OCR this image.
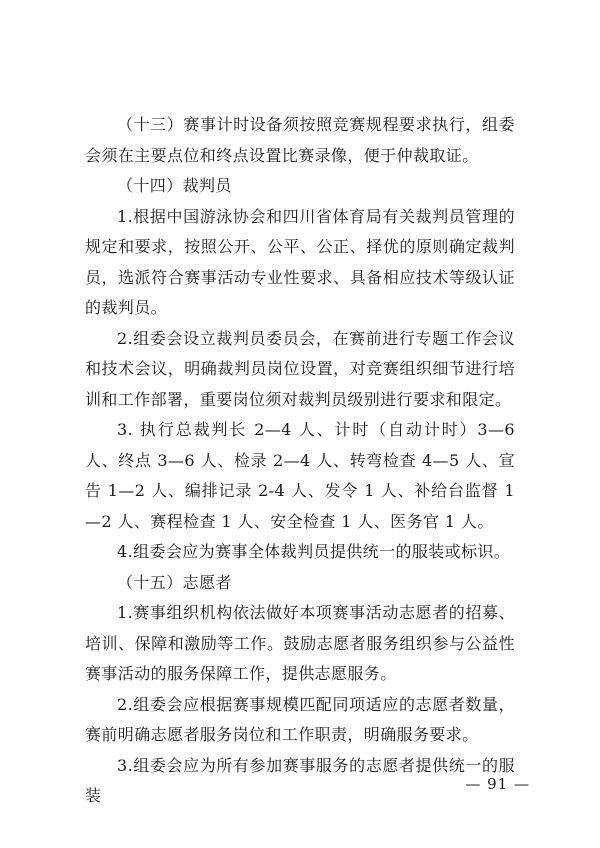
（十三）赛事计时设备须按照竞赛规程要求执行，组委会须在主要点位和终点设置比赛录像，便于仲裁取证。

（十四）裁判员

1.根据中国游泳协会和四川省体育局有关裁判员管理的规定和要求，按照公开、公平、公正、择优的原则确定裁判员，选派符合赛事活动专业性要求、具备相应技术等级认证的裁判员。

2.组委会设立裁判员委员会，在赛前进行专题工作会议和技术会议，明确裁判员岗位设置，对竞赛组织细节进行培训和工作部署，重要岗位须对裁判员级别进行要求和限定。

3. 执行总裁判长 2—4 人、计时（自动计时）3—6 人、终点 3—6 人、检录 2—4 人、转弯检查 4—5 人、宣告 1—2 人、编排记录 2-4 人、发令 1 人、补给台监督 1—2 人、赛程检查 1 人、安全检查 1 人、医务官 1 人。

4.组委会应为赛事全体裁判员提供统一的服装或标识。

（十五）志愿者

1.赛事组织机构依法做好本项赛事活动志愿者的招募、培训、保障和激励等工作。鼓励志愿者服务组织参与公益性赛事活动的服务保障工作，提供志愿服务。

2.组委会应根据赛事规模匹配同项适应的志愿者数量，赛前明确志愿者服务岗位和工作职责，明确服务要求。

3.组委会应为所有参加赛事服务的志愿者提供统一的服装

— 91 —
